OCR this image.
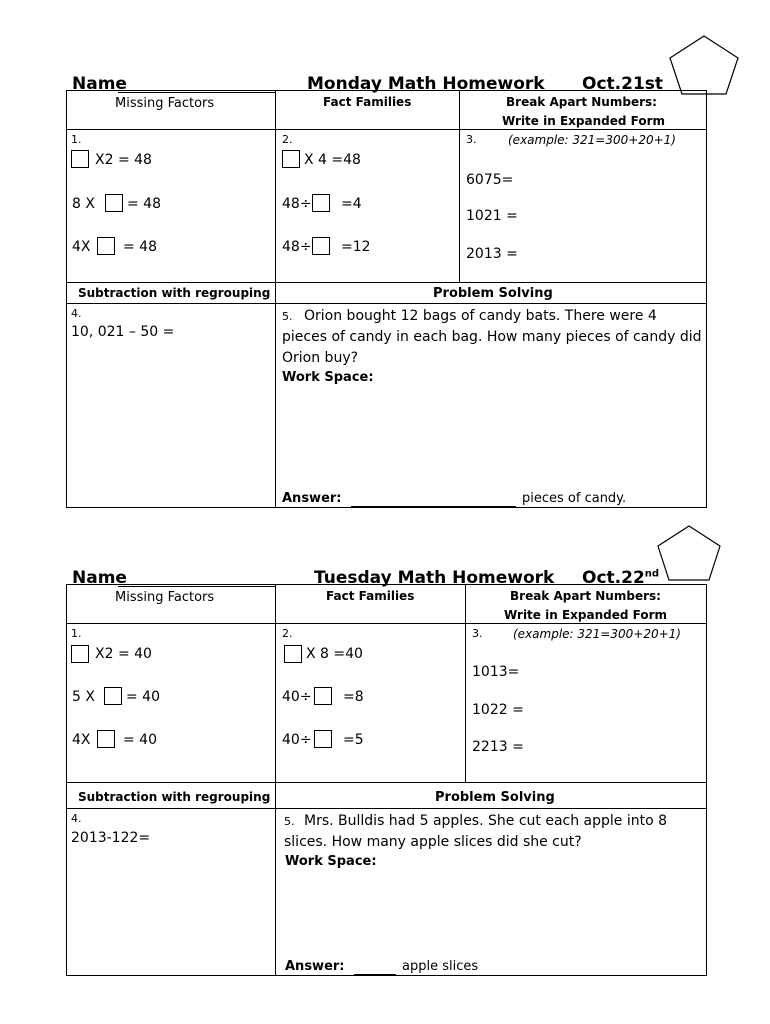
Name	Monday Math Homework Oct.21st
Missing Factors	Fact Families	Break Apart Numbers:
Write in Expanded Form
1.
X2 = 48
8 X = 48
4X = 48
2.
X 4 =48
48÷ =4
48÷ =12
3.	(example: 321=300+20+1)
6075=
1021 =
2013 =
Subtraction with regrouping	Problem Solving
4.
10, 021 – 50 =
5. Orion bought 12 bags of candy bats. There were 4 pieces of candy in each bag. How many pieces of candy did Orion buy?
Work Space:
Answer:	pieces of candy.
Name	Tuesday Math Homework Oct.22nd
Missing Factors	Fact Families	Break Apart Numbers:
Write in Expanded Form
1.
X2 = 40
5 X = 40
4X = 40
2.
X 8 =40
40÷ =8
40÷ =5
3.	(example: 321=300+20+1)
1013=
1022 =
2213 =
Subtraction with regrouping	Problem Solving
4.
2013-122=
5. Mrs. Bulldis had 5 apples. She cut each apple into 8 slices. How many apple slices did she cut?
Work Space:
Answer:	apple slices
